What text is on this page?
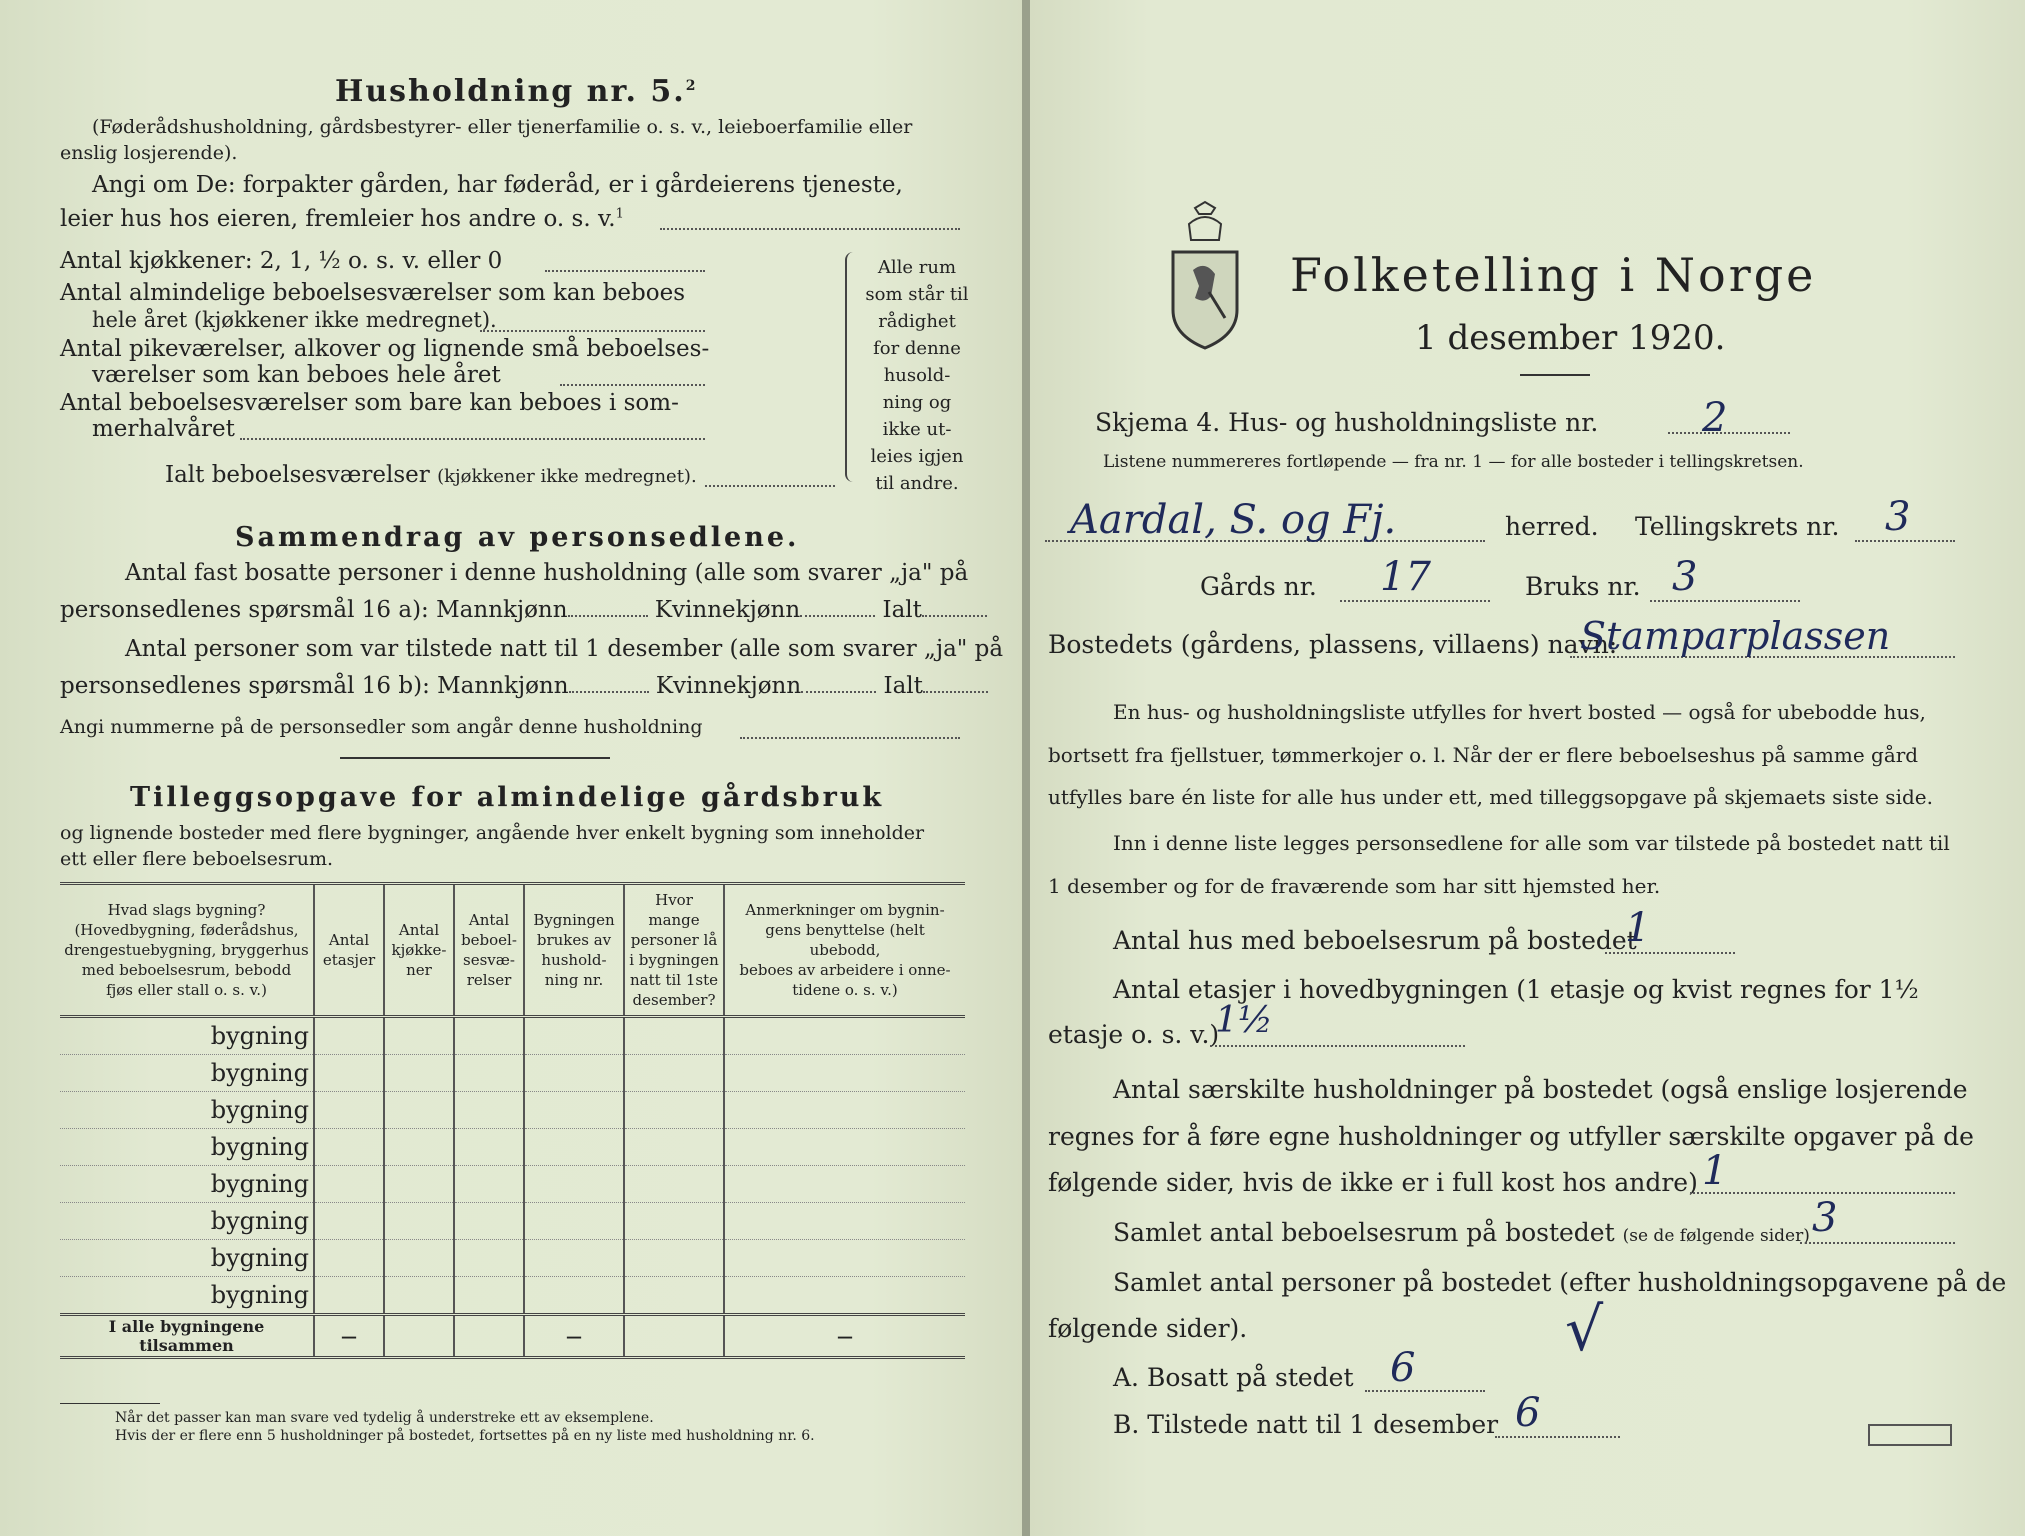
Husholdning nr. 5.$^2$
(Føderådshusholdning, gårdsbestyrer- eller tjenerfamilie o. s. v., leieboerfamilie eller
enslig losjerende).
Angi om De: forpakter gården, har føderåd, er i gårdeierens tjeneste,
leier hus hos eieren, fremleier hos andre o. s. v.$^1$
Antal kjøkkener: 2, 1, ½ o. s. v. eller 0
Antal almindelige beboelsesværelser som kan beboes
hele året (kjøkkener ikke medregnet).
Antal pikeværelser, alkover og lignende små beboelses-
værelser som kan beboes hele året
Antal beboelsesværelser som bare kan beboes i som-
merhalvåret
Ialt beboelsesværelser (kjøkkener ikke medregnet).
Alle rum
som står til
rådighet
for denne
husold-
ning og
ikke ut-
leies igjen
til andre.
Sammendrag av personsedlene.
Antal fast bosatte personer i denne husholdning (alle som svarer „ja" på
personsedlenes spørsmål 16 a): Mannkjønn	Kvinnekjønn	Ialt
Antal personer som var tilstede natt til 1 desember (alle som svarer „ja" på
personsedlenes spørsmål 16 b): Mannkjønn	Kvinnekjønn	Ialt
Angi nummerne på de personsedler som angår denne husholdning
Tilleggsopgave for almindelige gårdsbruk
og lignende bosteder med flere bygninger, angående hver enkelt bygning som inneholder
ett eller flere beboelsesrum.
Hvad slags bygning?
(Hovedbygning, føderådshus,
drengestuebygning, bryggerhus
med beboelsesrum, bebodd
fjøs eller stall o. s. v.)	Antal
etasjer	Antal
kjøkke-
ner	Antal
beboel-
sesvæ-
relser	Bygningen
brukes av
hushold-
ning nr.	Hvor mange
personer lå
i bygningen
natt til 1ste
desember?	Anmerkninger om bygnin-
gens benyttelse (helt ubebodd,
beboes av arbeidere i onne-
tidene o. s. v.)
bygning						
bygning						
bygning						
bygning						
bygning						
bygning						
bygning						
bygning						
I alle bygningene tilsammen	—			—		—
Når det passer kan man svare ved tydelig å understreke ett av eksemplene.
Hvis der er flere enn 5 husholdninger på bostedet, fortsettes på en ny liste med husholdning nr. 6.
Folketelling i Norge
1 desember 1920.
Skjema 4. Hus- og husholdningsliste nr.	2
Listene nummereres fortløpende — fra nr. 1 — for alle bosteder i tellingskretsen.
Aardal, S. og Fj.	herred. Tellingskrets nr. 3
Gårds nr. 17	Bruks nr. 3
Bostedets (gårdens, plassens, villaens) navn:
Stamparplassen
En hus- og husholdningsliste utfylles for hvert bosted — også for ubebodde hus,
bortsett fra fjellstuer, tømmerkojer o. l. Når der er flere beboelseshus på samme gård
utfylles bare én liste for alle hus under ett, med tilleggsopgave på skjemaets siste side.
Inn i denne liste legges personsedlene for alle som var tilstede på bostedet natt til
1 desember og for de fraværende som har sitt hjemsted her.
Antal hus med beboelsesrum på bostedet
1
Antal etasjer i hovedbygningen (1 etasje og kvist regnes for 1½
etasje o. s. v.)
1½
Antal særskilte husholdninger på bostedet (også enslige losjerende
regnes for å føre egne husholdninger og utfyller særskilte opgaver på de
følgende sider, hvis de ikke er i full kost hos andre) 1
Samlet antal beboelsesrum på bostedet (se de følgende sider) 3
Samlet antal personer på bostedet (efter husholdningsopgavene på de
følgende sider).	√
A. Bosatt på stedet 6
B. Tilstede natt til 1 desember 6
